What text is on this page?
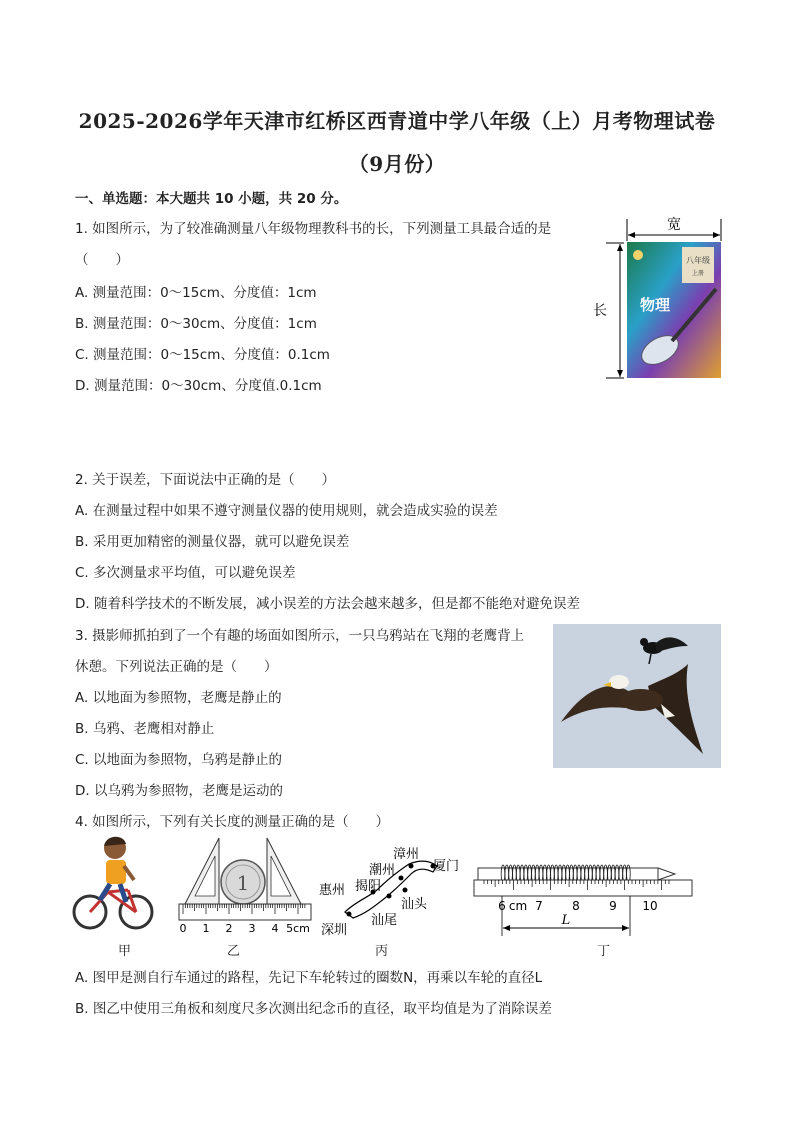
2025-2026学年天津市红桥区西青道中学八年级（上）月考物理试卷
（9月份）
一、单选题：本大题共 10 小题，共 20 分。
1. 如图所示，为了较准确测量八年级物理教科书的长，下列测量工具最合适的是
（　　）
A. 测量范围：0～15cm、分度值：1cm
B. 测量范围：0～30cm、分度值：1cm
C. 测量范围：0～15cm、分度值：0.1cm
D. 测量范围：0～30cm、分度值.0.1cm
八年级
上册
物理
宽
长
2. 关于误差，下面说法中正确的是（　　）
A. 在测量过程中如果不遵守测量仪器的使用规则，就会造成实验的误差
B. 采用更加精密的测量仪器，就可以避免误差
C. 多次测量求平均值，可以避免误差
D. 随着科学技术的不断发展，减小误差的方法会越来越多，但是都不能绝对避免误差
3. 摄影师抓拍到了一个有趣的场面如图所示，一只乌鸦站在飞翔的老鹰背上
休憩。下列说法正确的是（　　）
A. 以地面为参照物，老鹰是静止的
B. 乌鸦、老鹰相对静止
C. 以地面为参照物，乌鸦是静止的
D. 以乌鸦为参照物，老鹰是运动的
4. 如图所示，下列有关长度的测量正确的是（　　）
甲
1
0 1 2 3 4 5cm
乙
漳州
厦门
潮州
惠州 揭阳
汕头
汕尾
深圳
丙
6 cm 7 8 9 10
L
丁
A. 图甲是测自行车通过的路程，先记下车轮转过的圈数N，再乘以车轮的直径L
B. 图乙中使用三角板和刻度尺多次测出纪念币的直径，取平均值是为了消除误差
